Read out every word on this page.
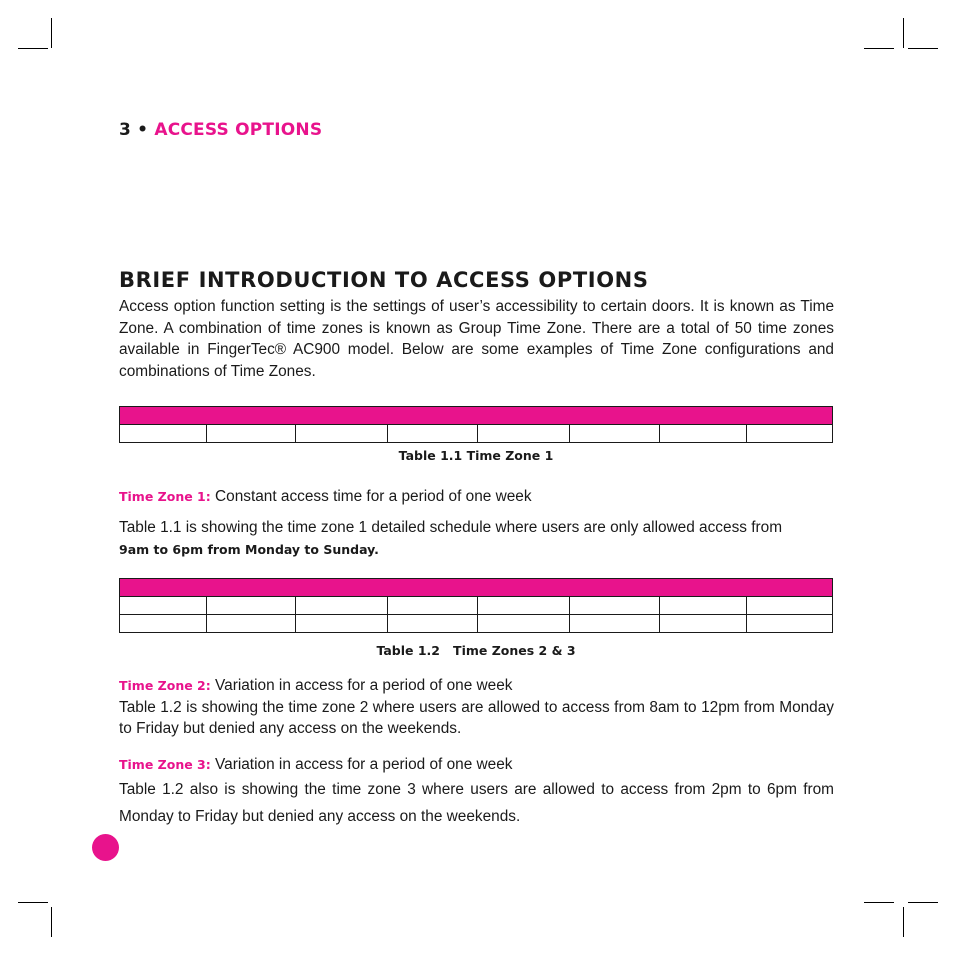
3 • ACCESS OPTIONS

BRIEF INTRODUCTION TO ACCESS OPTIONS

Access option function setting is the settings of user’s accessibility to certain doors. It is known as Time Zone. A combination of time zones is known as Group Time Zone. There are a total of 50 time zones available in FingerTec® AC900 model. Below are some examples of Time Zone configurations and combinations of Time Zones.

Table 1.1 Time Zone 1

Time Zone 1: Constant access time for a period of one week

Table 1.1 is showing the time zone 1 detailed schedule where users are only allowed access from
9am to 6pm from Monday to Sunday.

Table 1.2   Time Zones 2 & 3

Time Zone 2: Variation in access for a period of one week
Table 1.2 is showing the time zone 2 where users are allowed to access from 8am to 12pm from Monday to Friday but denied any access on the weekends.

Time Zone 3: Variation in access for a period of one week

Table 1.2 also is showing the time zone 3 where users are allowed to access from 2pm to 6pm from Monday to Friday but denied any access on the weekends.
